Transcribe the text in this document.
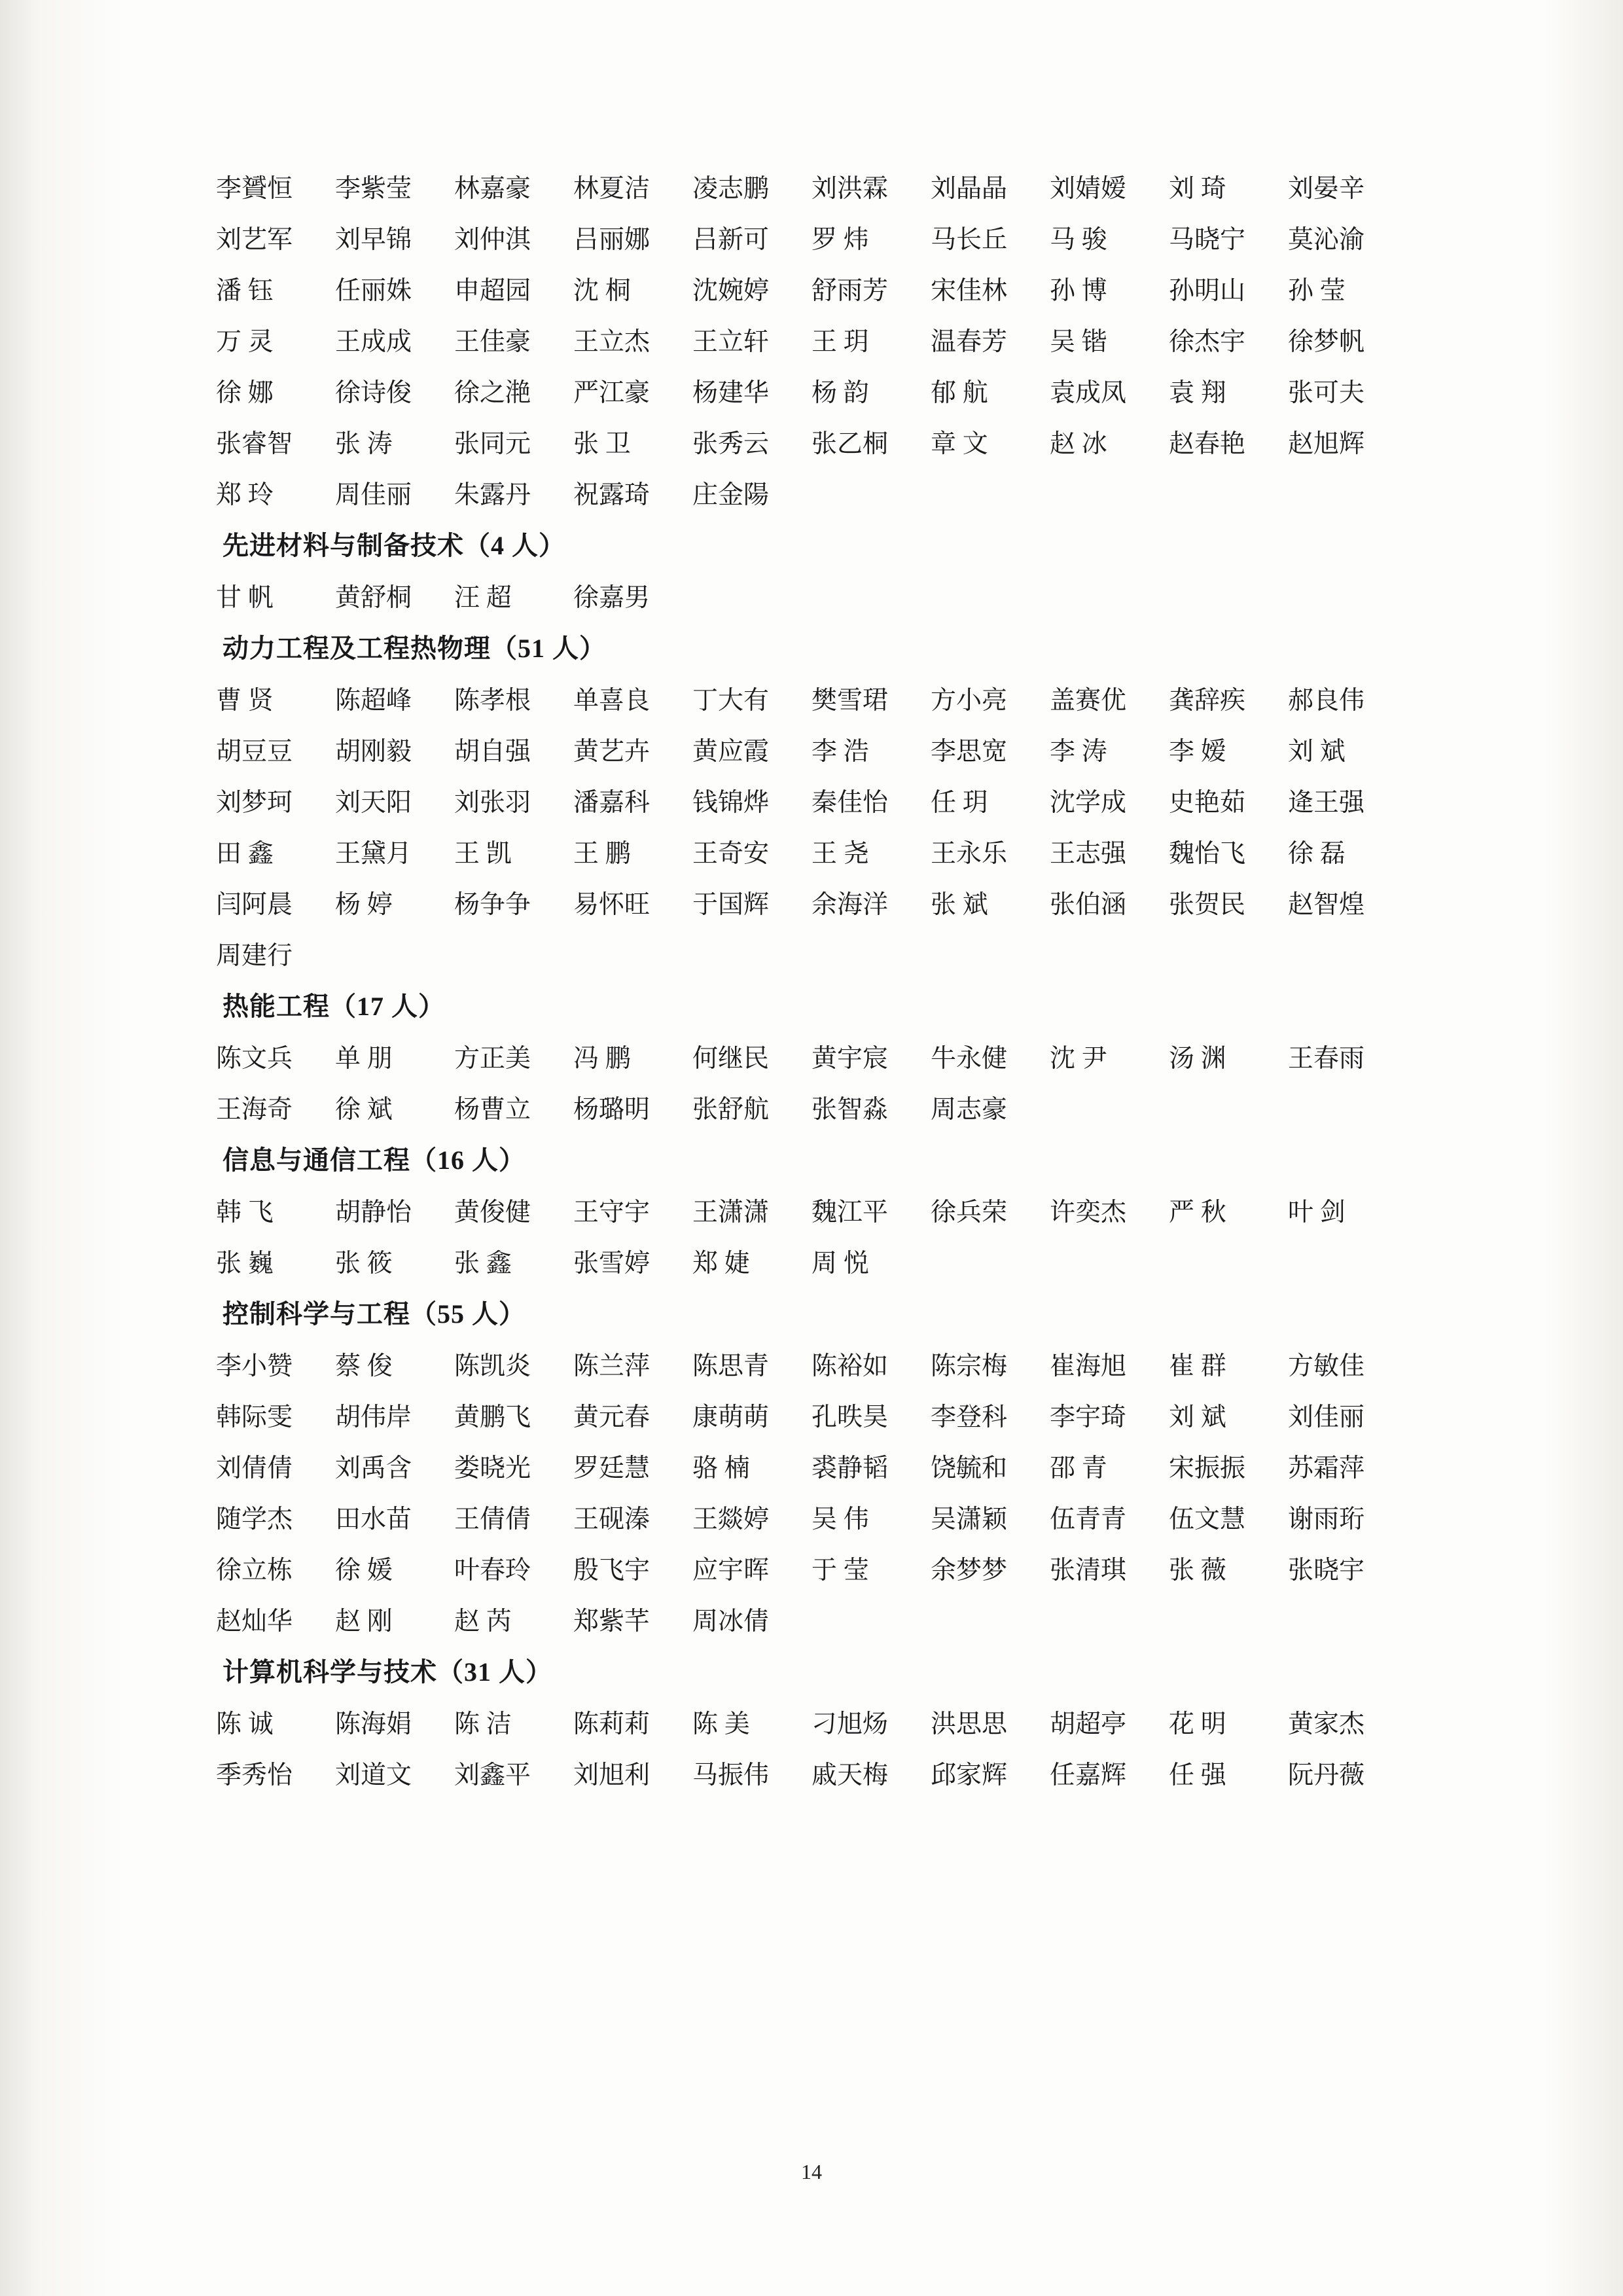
李贇恒	李紫莹	林嘉豪	林夏洁	凌志鹏	刘洪霖	刘晶晶	刘婧嫒	刘 琦	刘晏辛
刘艺军	刘早锦	刘仲淇	吕丽娜	吕新可	罗 炜	马长丘	马 骏	马晓宁	莫沁渝
潘 钰	任丽姝	申超园	沈 桐	沈婉婷	舒雨芳	宋佳林	孙 博	孙明山	孙 莹
万 灵	王成成	王佳豪	王立杰	王立轩	王 玥	温春芳	吴 锴	徐杰宇	徐梦帆
徐 娜	徐诗俊	徐之滟	严江豪	杨建华	杨 韵	郁 航	袁成凤	袁 翔	张可夫
张睿智	张 涛	张同元	张 卫	张秀云	张乙桐	章 文	赵 冰	赵春艳	赵旭辉
郑 玲	周佳丽	朱露丹	祝露琦	庄金陽
先进材料与制备技术（4 人）
甘 帆	黄舒桐	汪 超	徐嘉男
动力工程及工程热物理（51 人）
曹 贤	陈超峰	陈孝根	单喜良	丁大有	樊雪珺	方小亮	盖赛优	龚辞疾	郝良伟
胡豆豆	胡刚毅	胡自强	黄艺卉	黄应霞	李 浩	李思宽	李 涛	李 嫒	刘 斌
刘梦珂	刘天阳	刘张羽	潘嘉科	钱锦烨	秦佳怡	任 玥	沈学成	史艳茹	逄王强
田 鑫	王黛月	王 凯	王 鹏	王奇安	王 尧	王永乐	王志强	魏怡飞	徐 磊
闫阿晨	杨 婷	杨争争	易怀旺	于国辉	余海洋	张 斌	张伯涵	张贺民	赵智煌
周建行
热能工程（17 人）
陈文兵	单 朋	方正美	冯 鹏	何继民	黄宇宸	牛永健	沈 尹	汤 渊	王春雨
王海奇	徐 斌	杨曹立	杨璐明	张舒航	张智淼	周志豪
信息与通信工程（16 人）
韩 飞	胡静怡	黄俊健	王守宇	王潇潇	魏江平	徐兵荣	许奕杰	严 秋	叶 剑
张 巍	张 筱	张 鑫	张雪婷	郑 婕	周 悦
控制科学与工程（55 人）
李小赞	蔡 俊	陈凯炎	陈兰萍	陈思青	陈裕如	陈宗梅	崔海旭	崔 群	方敏佳
韩际雯	胡伟岸	黄鹏飞	黄元春	康萌萌	孔昳昊	李登科	李宇琦	刘 斌	刘佳丽
刘倩倩	刘禹含	娄晓光	罗廷慧	骆 楠	裘静韬	饶毓和	邵 青	宋振振	苏霜萍
随学杰	田水苗	王倩倩	王砚溱	王燚婷	吴 伟	吴潇颖	伍青青	伍文慧	谢雨珩
徐立栋	徐 媛	叶春玲	殷飞宇	应宇晖	于 莹	余梦梦	张清琪	张 薇	张晓宇
赵灿华	赵 刚	赵 芮	郑紫芊	周冰倩
计算机科学与技术（31 人）
陈 诚	陈海娟	陈 洁	陈莉莉	陈 美	刁旭炀	洪思思	胡超亭	花 明	黄家杰
季秀怡	刘道文	刘鑫平	刘旭利	马振伟	戚天梅	邱家辉	任嘉辉	任 强	阮丹薇
14
